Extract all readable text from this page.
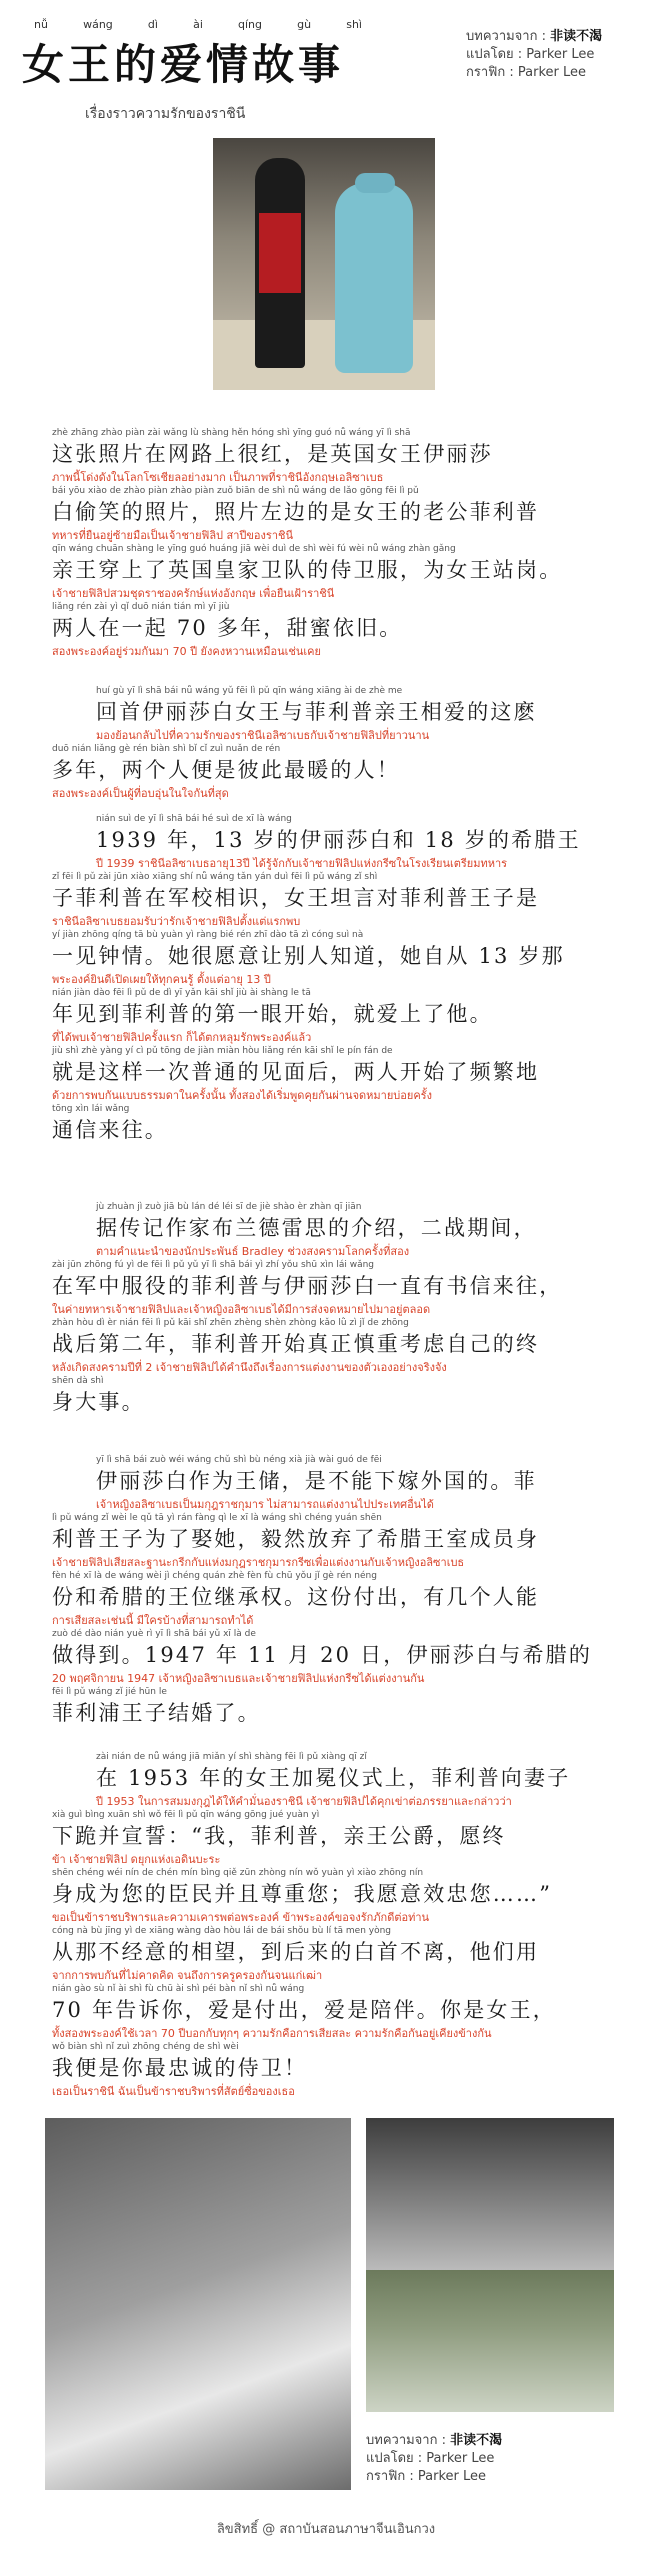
nǚ	wáng	dì	ài	qíng	gù	shì
女王的爱情故事
เรื่องราวความรักของราชินี
บทความจาก : 非读不渴
แปลโดย : Parker Lee
กราฟิก : Parker Lee
zhè zhāng zhào piàn zài wǎng lù shàng hěn hóng shì yīng guó nǚ wáng yī lì shā
这张照片在网路上很红，是英国女王伊丽莎
ภาพนี้โด่งดังในโลกโซเชียลอย่างมาก เป็นภาพที่ราชินีอังกฤษเอลิซาเบธ
bái yōu xiào de zhào piàn zhào piàn zuǒ biān de shì nǚ wáng de lǎo gōng fēi lì pǔ
白偷笑的照片，照片左边的是女王的老公菲利普
ทหารที่ยืนอยู่ซ้ายมือเป็นเจ้าชายฟิลิป สาปีของราชินี
qīn wáng chuān shàng le yīng guó huáng jiā wèi duì de shì wèi fú wèi nǚ wáng zhàn gǎng
亲王穿上了英国皇家卫队的侍卫服，为女王站岗。
เจ้าชายฟิลิปสวมชุดราชองครักษ์แห่งอังกฤษ เพื่อยืนเฝ้าราชินี
liǎng rén zài yì qǐ duō nián tián mì yī jiù
两人在一起 70 多年，甜蜜依旧。
สองพระองค์อยู่ร่วมกันมา 70 ปี ยังคงหวานเหมือนเช่นเคย
huí gù yī lì shā bái nǚ wáng yǔ fēi lì pǔ qīn wáng xiāng ài de zhè me
回首伊丽莎白女王与菲利普亲王相爱的这麽
มองย้อนกลับไปที่ความรักของราชินีเอลิซาเบธกับเจ้าชายฟิลิปที่ยาวนาน
duō nián liǎng gè rén biàn shì bǐ cǐ zuì nuǎn de rén
多年，两个人便是彼此最暖的人！
สองพระองค์เป็นผู้ที่อบอุ่นในใจกันที่สุด
nián suì de yī lì shā bái hé suì de xī là wáng
1939 年，13 岁的伊丽莎白和 18 岁的希腊王
ปี 1939 ราชินีอลิซาเบธอายุ13ปี ได้รู้จักกับเจ้าชายฟิลิปแห่งกรีซในโรงเรียนเตรียมทหาร
zǐ fēi lì pǔ zài jūn xiào xiāng shí nǚ wáng tǎn yán duì fēi lì pǔ wáng zǐ shì
子菲利普在军校相识，女王坦言对菲利普王子是
ราชินีอลิซาเบธยอมรับว่ารักเจ้าชายฟิลิปตั้งแต่แรกพบ
yí jiàn zhōng qíng tā bù yuàn yì ràng bié rén zhī dào tā zì cóng suì nà
一见钟情。她很愿意让别人知道，她自从 13 岁那
พระองค์ยินดีเปิดเผยให้ทุกคนรู้ ตั้งแต่อายุ 13 ปี
nián jiàn dào fēi lì pǔ de dì yī yǎn kāi shǐ jiù ài shàng le tā
年见到菲利普的第一眼开始，就爱上了他。
ที่ได้พบเจ้าชายฟิลิปครั้งแรก ก็ได้ตกหลุมรักพระองค์แล้ว
jiù shì zhè yàng yí cì pǔ tōng de jiàn miàn hòu liǎng rén kāi shǐ le pín fán de
就是这样一次普通的见面后，两人开始了频繁地
ด้วยการพบกันแบบธรรมดาในครั้งนั้น ทั้งสองได้เริ่มพูดคุยกันผ่านจดหมายบ่อยครั้ง
tōng xìn lái wǎng
通信来往。
jù zhuàn jì zuò jiā bù lán dé léi sī de jiè shào èr zhàn qī jiān
据传记作家布兰德雷思的介绍，二战期间，
ตามคำแนะนำของนักประพันธ์ Bradley ช่วงสงครามโลกครั้งที่สอง
zài jūn zhōng fú yì de fēi lì pǔ yǔ yī lì shā bái yì zhí yǒu shū xìn lái wǎng
在军中服役的菲利普与伊丽莎白一直有书信来往，
ในค่ายทหารเจ้าชายฟิลิปและเจ้าหญิงอลิซาเบธได้มีการส่งจดหมายไปมาอยู่ตลอด
zhàn hòu dì èr nián fēi lì pǔ kāi shǐ zhēn zhèng shèn zhòng kǎo lǜ zì jǐ de zhōng
战后第二年，菲利普开始真正慎重考虑自己的终
หลังเกิดสงครามปีที่ 2 เจ้าชายฟิลิปได้คำนึงถึงเรื่องการแต่งงานของตัวเองอย่างจริงจัง
shēn dà shì
身大事。
yī lì shā bái zuò wéi wáng chǔ shì bù néng xià jià wài guó de fēi
伊丽莎白作为王储，是不能下嫁外国的。菲
เจ้าหญิงอลิซาเบธเป็นมกุฎราชกุมาร ไม่สามารถแต่งงานไปประเทศอื่นได้
lì pǔ wáng zǐ wèi le qǔ tā yì rán fàng qì le xī là wáng shì chéng yuán shēn
利普王子为了娶她，毅然放弃了希腊王室成员身
เจ้าชายฟิลิปเสียสละฐานะกรีกกับแห่งมกุฎราชกุมารกรีซเพื่อแต่งงานกับเจ้าหญิงอลิซาเบธ
fèn hé xī là de wáng wèi jì chéng quán zhè fèn fù chū yǒu jǐ gè rén néng
份和希腊的王位继承权。这份付出，有几个人能
การเสียสละเช่นนี้ มีใครบ้างที่สามารถทำได้
zuò dé dào nián yuè rì yī lì shā bái yǔ xī là de
做得到。1947 年 11 月 20 日，伊丽莎白与希腊的
20 พฤศจิกายน 1947 เจ้าหญิงอลิซาเบธและเจ้าชายฟิลิปแห่งกรีซได้แต่งงานกัน
fēi lì pǔ wáng zǐ jié hūn le
菲利浦王子结婚了。
zài nián de nǚ wáng jiā miǎn yí shì shàng fēi lì pǔ xiàng qī zǐ
在 1953 年的女王加冕仪式上，菲利普向妻子
ปี 1953 ในการสมมงกุฎได้ให้คำมั่นองราชินี เจ้าชายฟิลิปได้คุกเข่าต่อภรรยาและกล่าวว่า
xià guì bìng xuān shì wǒ fēi lì pǔ qīn wáng gōng jué yuàn yì
下跪并宣誓：“我，菲利普，亲王公爵，愿终
ข้า เจ้าชายฟิลิป ดยุกแห่งเอดินบะระ
shēn chéng wéi nín de chén mín bìng qiě zūn zhòng nín wǒ yuàn yì xiào zhōng nín
身成为您的臣民并且尊重您；我愿意效忠您……”
ขอเป็นข้าราชบริพารและความเคารพต่อพระองค์ ข้าพระองค์ขอจงรักภักดีต่อท่าน
cóng nà bù jīng yì de xiāng wàng dào hòu lái de bái shǒu bù lí tā men yòng
从那不经意的相望，到后来的白首不离，他们用
จากการพบกันที่ไม่คาดคิด จนถึงการครูครองกันจนแก่เฒ่า
nián gào sù nǐ ài shì fù chū ài shì péi bàn nǐ shì nǚ wáng
70 年告诉你，爱是付出，爱是陪伴。你是女王，
ทั้งสองพระองค์ใช้เวลา 70 ปีบอกกับทุกๆ ความรักคือการเสียสละ ความรักคือกันอยู่เคียงข้างกัน
wǒ biàn shì nǐ zuì zhōng chéng de shì wèi
我便是你最忠诚的侍卫！
เธอเป็นราชินี ฉันเป็นข้าราชบริพารที่สัตย์ซื่อของเธอ
บทความจาก : 非读不渴
แปลโดย : Parker Lee
กราฟิก : Parker Lee
ลิขสิทธิ์ @ สถาบันสอนภาษาจีนเอินกวง
